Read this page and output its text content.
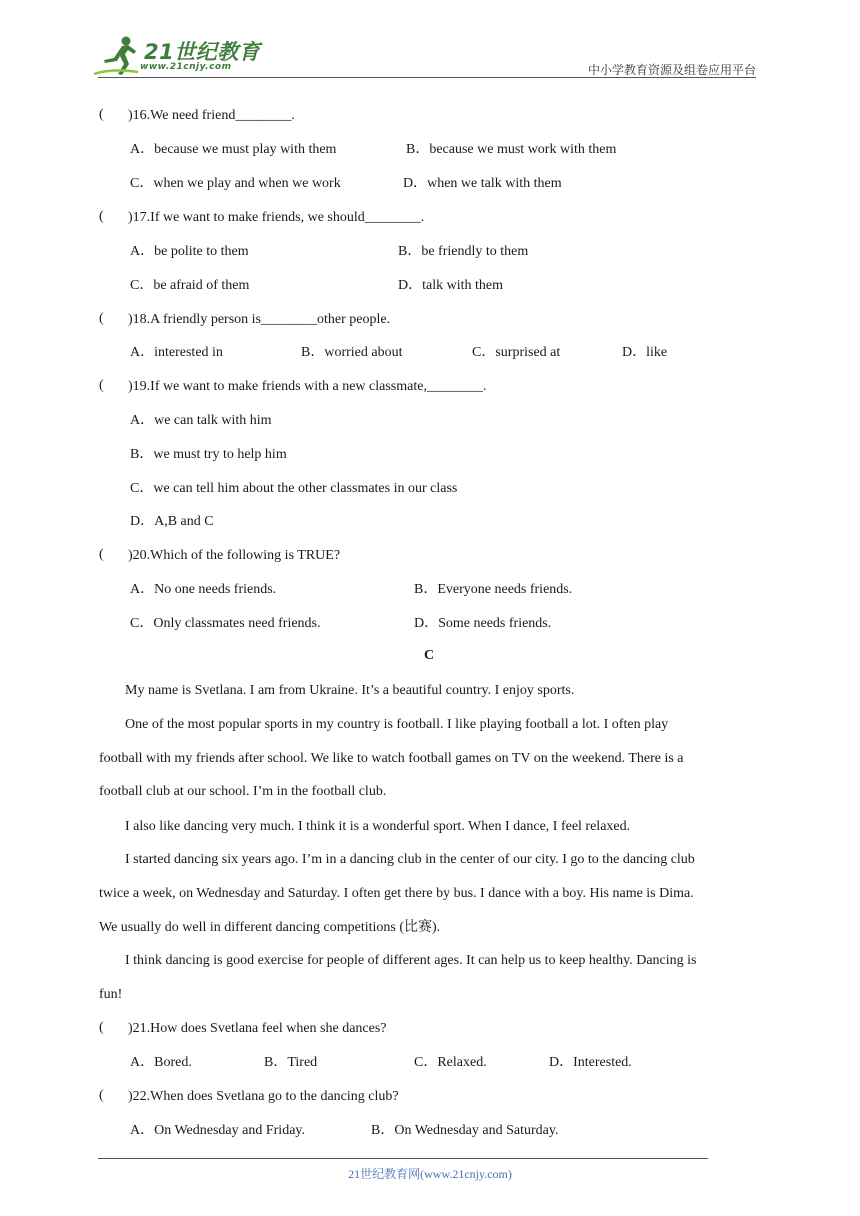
21世纪教育
www.21cnjy.com	中小学教育资源及组卷应用平台
( )16.We need friend________.
A．because we must play with them	B．because we must work with them
C．when we play and when we work	D．when we talk with them
( )17.If we want to make friends, we should________.
A．be polite to them	B．be friendly to them
C．be afraid of them	D．talk with them
( )18.A friendly person is________other people.
A．interested in	B．worried about	C．surprised at	D．like
( )19.If we want to make friends with a new classmate,________.
A．we can talk with him
B．we must try to help him
C．we can tell him about the other classmates in our class
D．A,B and C
( )20.Which of the following is TRUE?
A．No one needs friends.	B．Everyone needs friends.
C．Only classmates need friends.	D．Some needs friends.
C
My name is Svetlana. I am from Ukraine. It’s a beautiful country. I enjoy sports.
One of the most popular sports in my country is football. I like playing football a lot. I often play
football with my friends after school. We like to watch football games on TV on the weekend. There is a
football club at our school. I’m in the football club.
I also like dancing very much. I think it is a wonderful sport. When I dance, I feel relaxed.
I started dancing six years ago. I’m in a dancing club in the center of our city. I go to the dancing club
twice a week, on Wednesday and Saturday. I often get there by bus. I dance with a boy. His name is Dima.
We usually do well in different dancing competitions (比赛).
I think dancing is good exercise for people of different ages. It can help us to keep healthy. Dancing is
fun!
( )21.How does Svetlana feel when she dances?
A．Bored.	B．Tired	C．Relaxed.	D．Interested.
( )22.When does Svetlana go to the dancing club?
A．On Wednesday and Friday.	B．On Wednesday and Saturday.
21世纪教育网(www.21cnjy.com)
